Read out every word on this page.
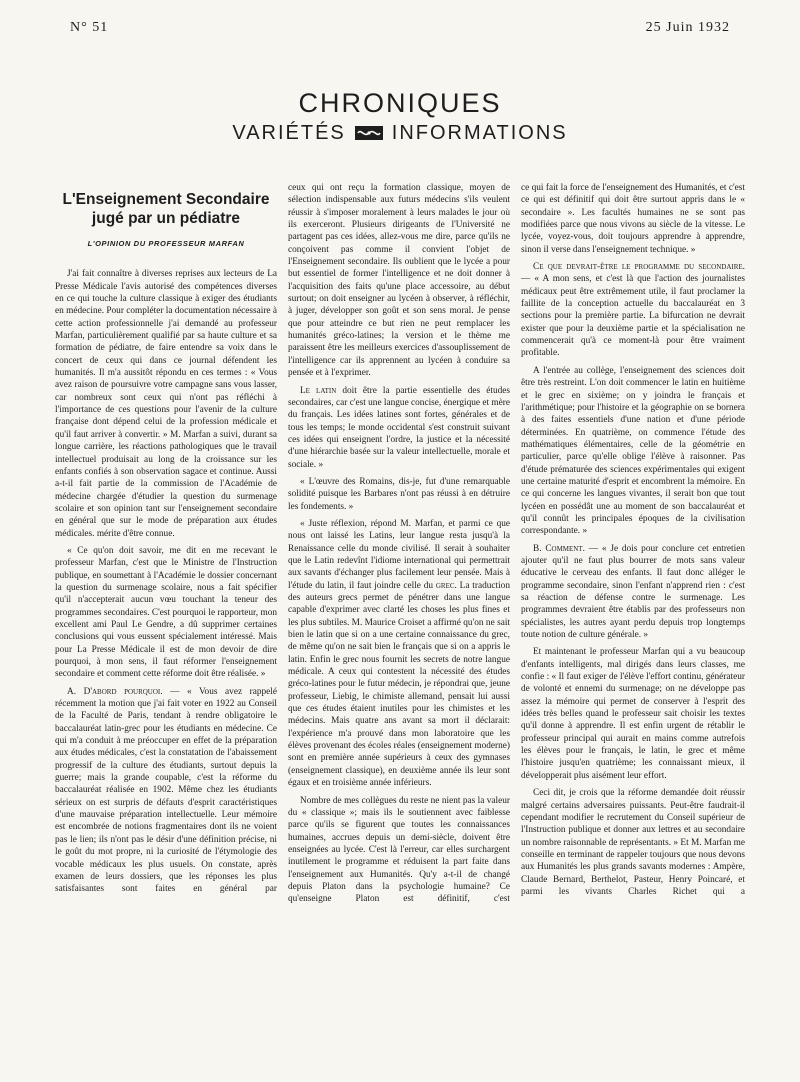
N° 51	25 Juin 1932
CHRONIQUES
VARIÉTÉS INFORMATIONS
L'Enseignement Secondaire jugé par un pédiatre
L'OPINION DU PROFESSEUR MARFAN

J'ai fait connaître à diverses reprises aux lecteurs de La Presse Médicale l'avis autorisé des compétences diverses en ce qui touche la culture classique à exiger des étudiants en médecine. Pour compléter la documentation nécessaire à cette action professionnelle j'ai demandé au professeur Marfan, particulièrement qualifié par sa haute culture et sa formation de pédiatre, de faire entendre sa voix dans le concert de ceux qui dans ce journal défendent les humanités. Il m'a aussitôt répondu en ces termes : « Vous avez raison de poursuivre votre campagne sans vous lasser, car nombreux sont ceux qui n'ont pas réfléchi à l'importance de ces questions pour l'avenir de la culture française dont dépend celui de la profession médicale et qu'il faut arriver à convertir. » M. Marfan a suivi, durant sa longue carrière, les réactions pathologiques que le travail intellectuel produisait au long de la croissance sur les enfants confiés à son observation sagace et continue. Aussi a-t-il fait partie de la commission de l'Académie de médecine chargée d'étudier la question du surmenage scolaire et son opinion tant sur l'enseignement secondaire en général que sur le mode de préparation aux études médicales. mérite d'être connue.

« Ce qu'on doit savoir, me dit en me recevant le professeur Marfan, c'est que le Ministre de l'Instruction publique, en soumettant à l'Académie le dossier concernant la question du surmenage scolaire, nous a fait spécifier qu'il n'accepterait aucun vœu touchant la teneur des programmes secondaires. C'est pourquoi le rapporteur, mon excellent ami Paul Le Gendre, a dû supprimer certaines conclusions qui vous eussent spécialement intéressé. Mais pour La Presse Médicale il est de mon devoir de dire pourquoi, à mon sens, il faut réformer l'enseignement secondaire et comment cette réforme doit être réalisée. »

A. D'abord pourquoi. — « Vous avez rappelé récemment la motion que j'ai fait voter en 1922 au Conseil de la Faculté de Paris, tendant à rendre obligatoire le baccalauréat latin-grec pour les étudiants en médecine. Ce qui m'a conduit à me préoccuper en effet de la préparation aux études médicales, c'est la constatation de l'abaissement progressif de la culture des étudiants, surtout depuis la guerre; mais la grande coupable, c'est la réforme du baccalauréat réalisée en 1902. Même chez les étudiants sérieux on est surpris de défauts d'esprit caractéristiques d'une mauvaise préparation intellectuelle. Leur mémoire est encombrée de notions fragmentaires dont ils ne voient pas le lien; ils n'ont pas le désir d'une définition précise, ni le goût du mot propre, ni la curiosité de l'étymologie des vocable médicaux les plus usuels. On constate, après examen de leurs dossiers, que les réponses les plus satisfaisantes sont faites en général par

ceux qui ont reçu la formation classique, moyen de sélection indispensable aux futurs médecins s'ils veulent réussir à s'imposer moralement à leurs malades le jour où ils exerceront. Plusieurs dirigeants de l'Université ne partagent pas ces idées, allez-vous me dire, parce qu'ils ne conçoivent pas comme il convient l'objet de l'Enseignement secondaire. Ils oublient que le lycée a pour but essentiel de former l'intelligence et ne doit donner à l'acquisition des faits qu'une place accessoire, au début surtout; on doit enseigner au lycéen à observer, à réfléchir, à juger, développer son goût et son sens moral. Je pense que pour atteindre ce but rien ne peut remplacer les humanités gréco-latines; la version et le thème me paraissent être les meilleurs exercices d'assouplissement de l'intelligence car ils apprennent au lycéen à conduire sa pensée et à l'exprimer.

Le latin doit être la partie essentielle des études secondaires, car c'est une langue concise, énergique et mère du français. Les idées latines sont fortes, générales et de tous les temps; le monde occidental s'est construit suivant ces idées qui enseignent l'ordre, la justice et la nécessité d'une hiérarchie basée sur la valeur intellectuelle, morale et sociale. »

« L'œuvre des Romains, dis-je, fut d'une remarquable solidité puisque les Barbares n'ont pas réussi à en détruire les fondements. »

« Juste réflexion, répond M. Marfan, et parmi ce que nous ont laissé les Latins, leur langue resta jusqu'à la Renaissance celle du monde civilisé. Il serait à souhaiter que le Latin redevînt l'idiome international qui permettrait aux savants d'échanger plus facilement leur pensée. Mais à l'étude du latin, il faut joindre celle du grec. La traduction des auteurs grecs permet de pénétrer dans une langue capable d'exprimer avec clarté les choses les plus fines et les plus subtiles. M. Maurice Croiset a affirmé qu'on ne sait bien le latin que si on a une certaine connaissance du grec, de même qu'on ne sait bien le français que si on a appris le latin. Enfin le grec nous fournit les secrets de notre langue médicale. A ceux qui contestent la nécessité des études gréco-latines pour le futur médecin, je répondrai que, jeune professeur, Liebig, le chimiste allemand, pensait lui aussi que ces études étaient inutiles pour les chimistes et les médecins. Mais quatre ans avant sa mort il déclarait: l'expérience m'a prouvé dans mon laboratoire que les élèves provenant des écoles réales (enseignement moderne) sont en première année supérieurs à ceux des gymnases (enseignement classique), en deuxième année ils leur sont égaux et en troisième année inférieurs.

Nombre de mes collègues du reste ne nient pas la valeur du « classique »; mais ils le soutiennent avec faiblesse parce qu'ils se figurent que toutes les connaissances humaines, accrues depuis un demi-siècle, doivent être enseignées au lycée. C'est là l'erreur, car elles surchargent inutilement le programme et réduisent la part faite dans l'enseignement aux Humanités. Qu'y a-t-il de changé depuis Platon dans la psychologie humaine? Ce qu'enseigne Platon est définitif, c'est

ce qui fait la force de l'enseignement des Humanités, et c'est ce qui est définitif qui doit être surtout appris dans le « secondaire ». Les facultés humaines ne se sont pas modifiées parce que nous vivons au siècle de la vitesse. Le lycée, voyez-vous, doit toujours apprendre à apprendre, sinon il verse dans l'enseignement technique. »

Ce que devrait-être le programme du secondaire. — « A mon sens, et c'est là que l'action des journalistes médicaux peut être extrêmement utile, il faut proclamer la faillite de la conception actuelle du baccalauréat en 3 sections pour la première partie. La bifurcation ne devrait exister que pour la deuxième partie et la spécialisation ne commencerait qu'à ce moment-là pour être vraiment profitable.

A l'entrée au collège, l'enseignement des sciences doit être très restreint. L'on doit commencer le latin en huitième et le grec en sixième; on y joindra le français et l'arithmétique; pour l'histoire et la géographie on se bornera à des faites essentiels d'une nation et d'une période déterminées. En quatrième, on commence l'étude des mathématiques élémentaires, celle de la géométrie en particulier, parce qu'elle oblige l'élève à raisonner. Pas d'étude prématurée des sciences expérimentales qui exigent une certaine maturité d'esprit et encombrent la mémoire. En ce qui concerne les langues vivantes, il serait bon que tout lycéen en possédât une au moment de son baccalauréat et qu'il connût les principales époques de la civilisation correspondante. »

B. Comment. — « Je dois pour conclure cet entretien ajouter qu'il ne faut plus bourrer de mots sans valeur éducative le cerveau des enfants. Il faut donc alléger le programme secondaire, sinon l'enfant n'apprend rien : c'est sa réaction de défense contre le surmenage. Les programmes devraient être établis par des professeurs non spécialistes, les autres ayant perdu depuis trop longtemps toute notion de culture générale. »

Et maintenant le professeur Marfan qui a vu beaucoup d'enfants intelligents, mal dirigés dans leurs classes, me confie : « Il faut exiger de l'élève l'effort continu, générateur de volonté et ennemi du surmenage; on ne développe pas assez la mémoire qui permet de conserver à l'esprit des idées très belles quand le professeur sait choisir les textes qu'il donne à apprendre. Il est enfin urgent de rétablir le professeur principal qui aurait en mains comme autrefois les élèves pour le français, le latin, le grec et même l'histoire jusqu'en quatrième; les connaissant mieux, il développerait plus aisément leur effort.

Ceci dit, je crois que la réforme demandée doit réussir malgré certains adversaires puissants. Peut-être faudrait-il cependant modifier le recrutement du Conseil supérieur de l'Instruction publique et donner aux lettres et au secondaire un nombre raisonnable de représentants. » Et M. Marfan me conseille en terminant de rappeler toujours que nous devons aux Humanités les plus grands savants modernes : Ampère, Claude Bernard, Berthelot, Pasteur, Henry Poincaré, et parmi les vivants Charles Richet qui a
